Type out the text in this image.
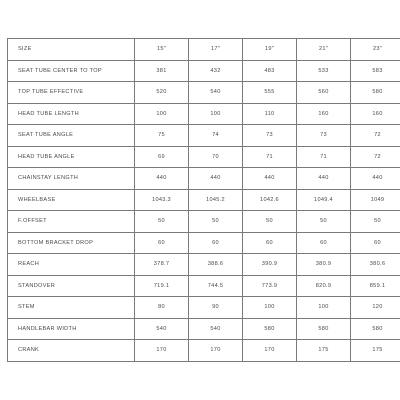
SIZE	15"	17"	19"	21"	23"
SEAT TUBE CENTER TO TOP	381	432	483	533	583
TOP TUBE EFFECTIVE	520	540	555	560	580
HEAD TUBE LENGTH	100	100	110	160	160
SEAT TUBE ANGLE	75	74	73	73	72
HEAD TUBE ANGLE	69	70	71	71	72
CHAINSTAY LENGTH	440	440	440	440	440
WHEELBASE	1043.3	1045.2	1042.6	1049.4	1049
F.OFFSET	50	50	50	50	50
BOTTOM BRACKET DROP	60	60	60	60	60
REACH	378.7	388.6	390.9	380.9	380.6
STANDOVER	719.1	744.5	773.9	820.9	859.1
STEM	80	90	100	100	120
HANDLEBAR WIDTH	540	540	580	580	580
CRANK	170	170	170	175	175
